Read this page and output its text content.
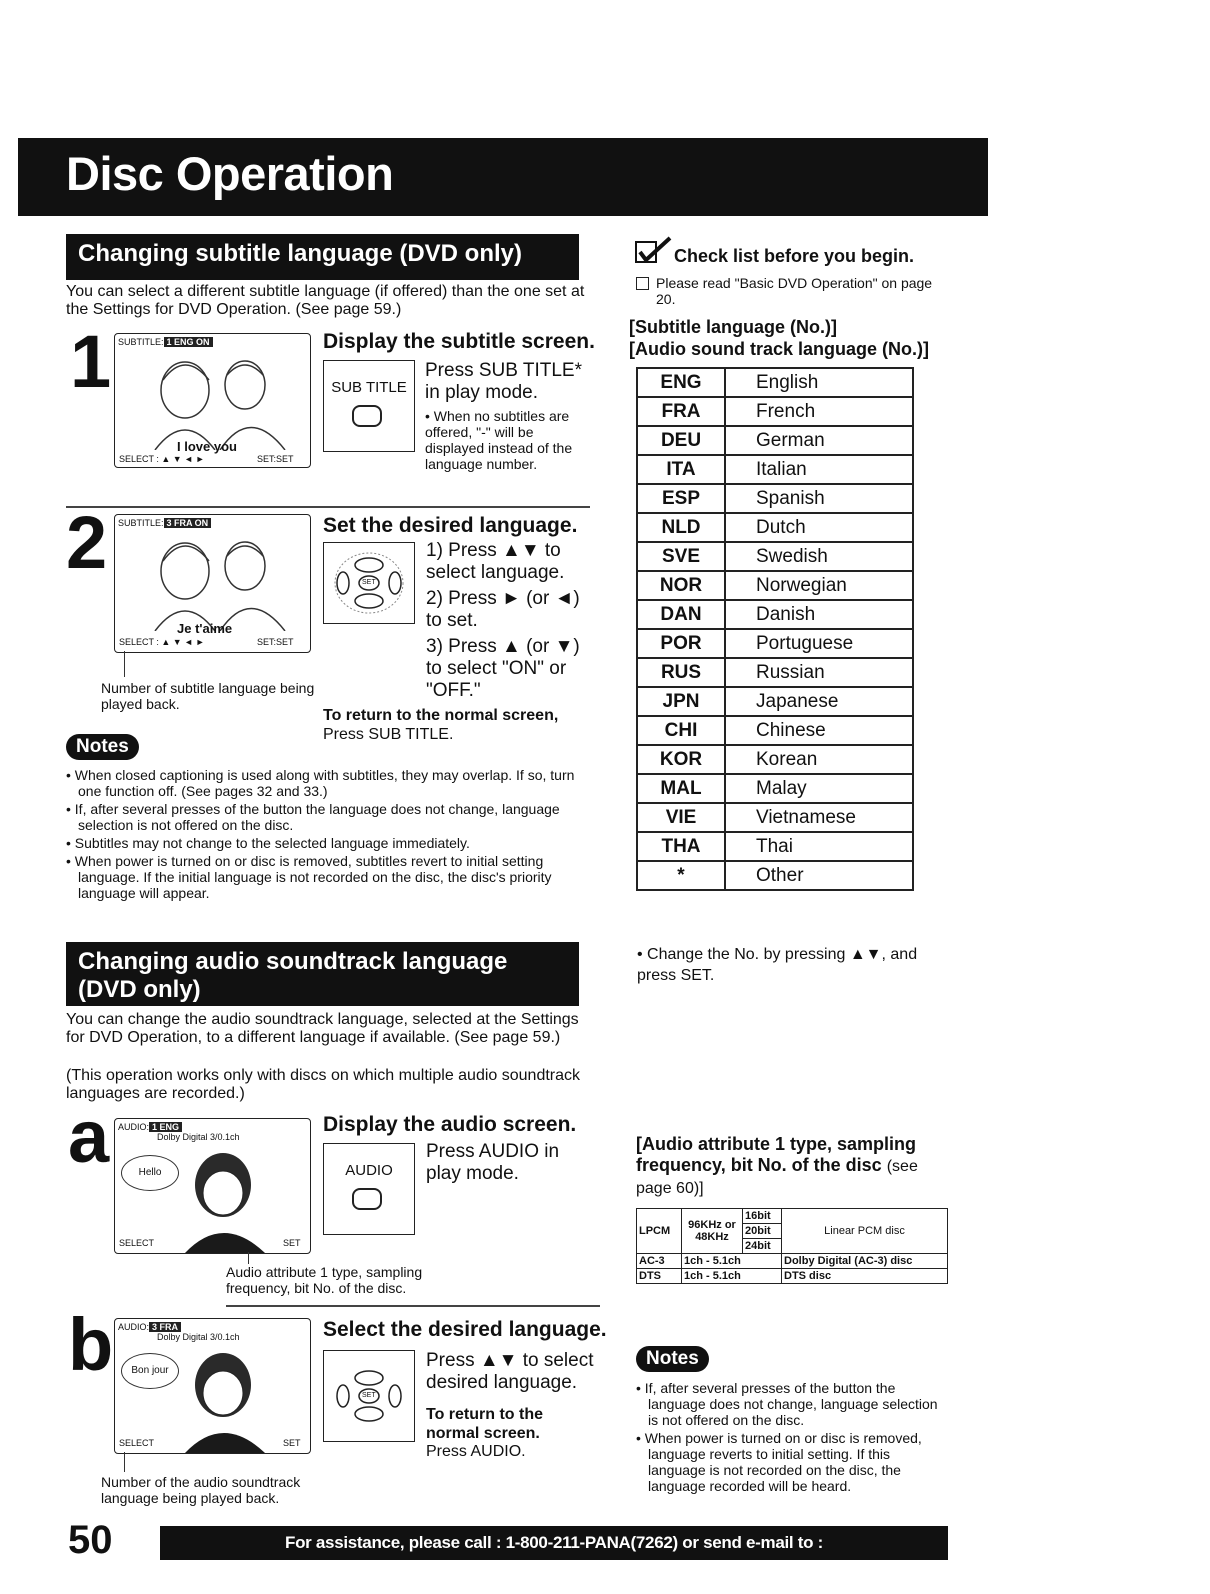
Disc Operation
Changing subtitle language (DVD only)
You can select a different subtitle language (if offered) than the one set at the Settings for DVD Operation. (See page 59.)
1 SUBTITLE: 1 ENG ON
I love you
SELECT : ▲ ▼ ◄ ►	SET:SET
Display the subtitle screen.
SUB TITLE
Press SUB TITLE* in play mode.
• When no subtitles are offered, "-" will be displayed instead of the language number.
2 SUBTITLE: 3 FRA ON
Je t'aime
SELECT : ▲ ▼ ◄ ►	SET:SET
Number of subtitle language being played back.
Set the desired language.
SET
1) Press ▲▼ to select language.
2) Press ► (or ◄) to set.
3) Press ▲ (or ▼) to select "ON" or "OFF."
To return to the normal screen,
Press SUB TITLE.
Notes
• When closed captioning is used along with subtitles, they may overlap. If so, turn one function off. (See pages 32 and 33.)
• If, after several presses of the button the language does not change, language selection is not offered on the disc.
• Subtitles may not change to the selected language immediately.
• When power is turned on or disc is removed, subtitles revert to initial setting language. If the initial language is not recorded on the disc, the disc's priority language will appear.
Changing audio soundtrack language (DVD only)
You can change the audio soundtrack language, selected at the Settings for DVD Operation, to a different language if available. (See page 59.)
(This operation works only with discs on which multiple audio soundtrack languages are recorded.)
a AUDIO: 1 ENG
Dolby Digital 3/0.1ch
Hello
SELECT	SET
Display the audio screen.
AUDIO
Press AUDIO in play mode.
Audio attribute 1 type, sampling frequency, bit No. of the disc.
b AUDIO: 3 FRA
Dolby Digital 3/0.1ch
Bon jour
SELECT	SET
Number of the audio soundtrack language being played back.
Select the desired language.
SET
Press ▲▼ to select desired language.
To return to the normal screen.
Press AUDIO.
Check list before you begin.
Please read "Basic DVD Operation" on page 20.
[Subtitle language (No.)]
[Audio sound track language (No.)]
ENG	English
FRA	French
DEU	German
ITA	Italian
ESP	Spanish
NLD	Dutch
SVE	Swedish
NOR	Norwegian
DAN	Danish
POR	Portuguese
RUS	Russian
JPN	Japanese
CHI	Chinese
KOR	Korean
MAL	Malay
VIE	Vietnamese
THA	Thai
*	Other
• Change the No. by pressing ▲▼, and press SET.
[Audio attribute 1 type, sampling frequency, bit No. of the disc (see page 60)]
LPCM	96KHz or 48KHz	16bit	Linear PCM disc
		20bit	
		24bit	
AC-3	1ch - 5.1ch		Dolby Digital (AC-3) disc
DTS	1ch - 5.1ch		DTS disc
Notes
• If, after several presses of the button the language does not change, language selection is not offered on the disc.
• When power is turned on or disc is removed, language reverts to initial setting. If this language is not recorded on the disc, the language recorded will be heard.
50	For assistance, please call : 1-800-211-PANA(7262) or send e-mail to : consumerproducts@panasonic.com
